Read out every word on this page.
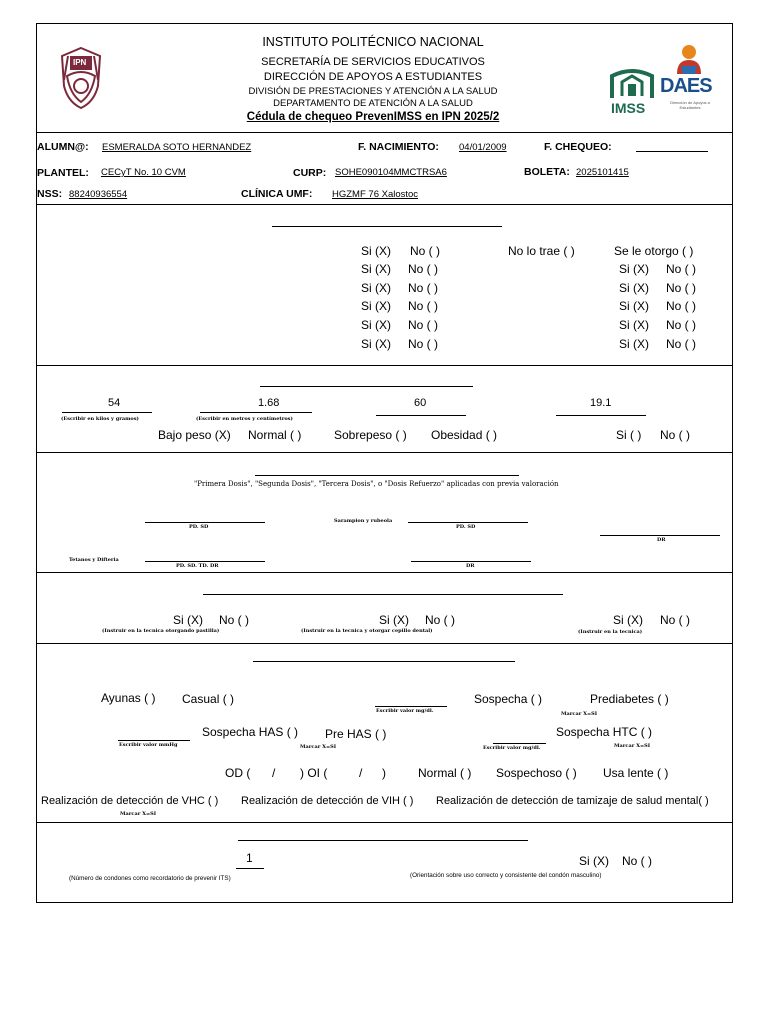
IPN
INSTITUTO POLITÉCNICO NACIONAL
SECRETARÍA DE SERVICIOS EDUCATIVOS
DIRECCIÓN DE APOYOS A ESTUDIANTES
DIVISIÓN DE PRESTACIONES Y ATENCIÓN A LA SALUD
DEPARTAMENTO DE ATENCIÓN A LA SALUD
Cédula de chequeo PrevenIMSS en IPN 2025/2
IMSS
DAES
Dirección de Apoyos a Estudiantes
ALUMN@: ESMERALDA SOTO HERNANDEZ	F. NACIMIENTO: 04/01/2009	F. CHEQUEO:
PLANTEL: CECyT No. 10 CVM	CURP: SOHE090104MMCTRSA6	BOLETA: 2025101415
NSS: 88240936554	CLÍNICA UMF: HGZMF 76 Xalostoc
Si (X) No ( )	No lo trae ( )	Se le otorgo ( )
Si (X) No ( )	Si (X) No ( )
Si (X) No ( )	Si (X) No ( )
Si (X) No ( )	Si (X) No ( )
Si (X) No ( )	Si (X) No ( )
Si (X) No ( )	Si (X) No ( )
54
(Escribir en kilos y gramos)
1.68
(Escribir en metros y centímetros)
60	19.1
Bajo peso (X) Normal ( )	Sobrepeso ( ) Obesidad ( )	Si ( ) No ( )
"Primera Dosis", "Segunda Dosis", "Tercera Dosis", o "Dosis Refuerzo" aplicadas con previa valoración
PD. SD
Sarampion y rubeola
PD. SD
DR
Tetanos y Difteria
PD. SD. TD. DR	DR
Si (X) No ( )
(Instruir en la tecnica otorgando pastilla)
Si (X) No ( )
(Instruir en la tecnica y otorgar cepillo dental)
Si (X) No ( )
(Instruir en la tecnica)
Ayunas ( ) Casual ( )
Escribir valor mg/dl.
Sospecha ( )	Prediabetes ( )
Marcar X=SI
Escribir valor mmHg
Sospecha HAS ( ) Pre HAS ( )
Marcar X=SI	Escribir valor mg/dl.
Sospecha HTC ( )
Marcar X=SI
OD ( / ) OI (	/ )	Normal ( ) Sospechoso ( ) Usa lente ( )
Realización de detección de VHC ( ) Realización de detección de VIH ( ) Realización de detección de tamizaje de salud mental( )
Marcar X=SI
1
(Número de condones como recordatorio de prevenir ITS)
Si (X) No ( )
(Orientación sobre uso correcto y consistente del condón masculino)
